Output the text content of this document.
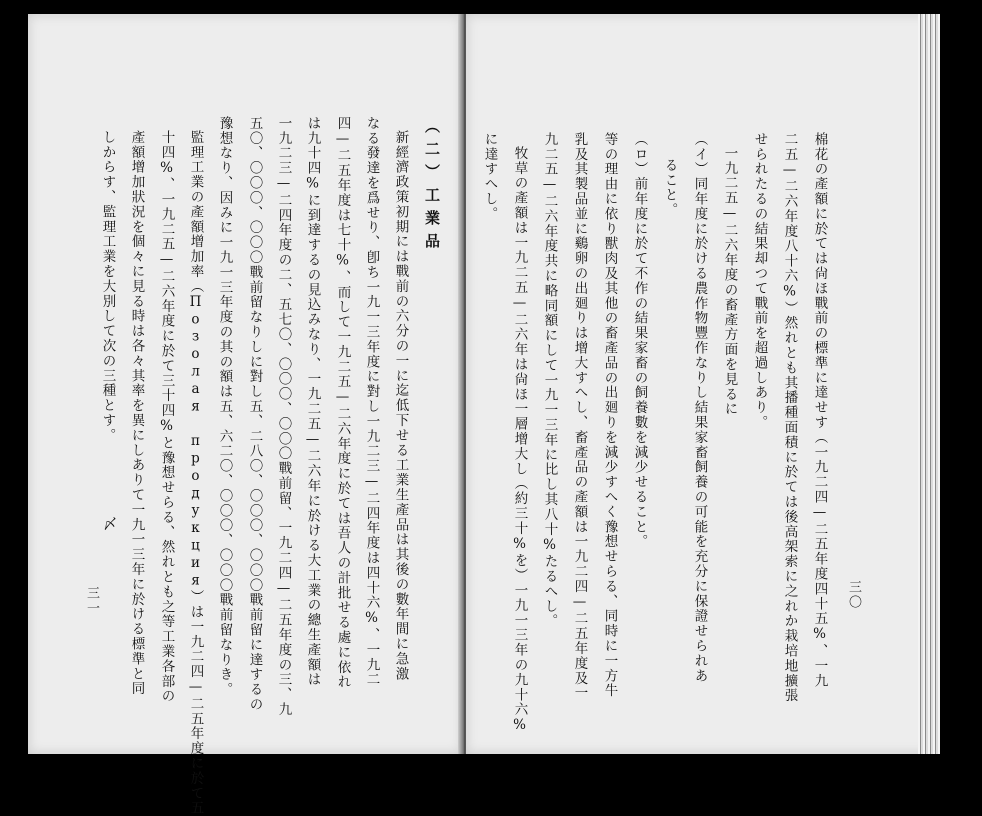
三一
〆
しからす、監理工業を大別して次の三種とす。 產額增加狀況を個々に見る時は各々其率を異にしありて一九一三年に於ける標準と同 十四%、一九二五—二六年度に於て三十四%と豫想せらる、然れとも之等工業各部の 監理工業の產額增加率（Позолая продукция）は一九二四—二五年度に於て五 豫想なり、因みに一九一三年度の其の額は五、六二〇、〇〇〇、〇〇〇戰前留なりき。 五〇、〇〇〇、〇〇〇戰前留なりしに對し五、二八〇、〇〇〇、〇〇〇戰前留に達するの 一九二三—二四年度の二、五七〇、〇〇〇、〇〇〇戰前留、一九二四—二五年度の三、九 は九十四%に到達するの見込みなり、一九二五—二六年に於ける大工業の總生產額は 四—二五年度は七十%、而して一九二五—二六年度に於ては吾人の計批せる處に依れ なる發達を爲せり、卽ち一九一三年度に對し一九二三—二四年度は四十六%、一九二 新經濟政策初期には戰前の六分の一に迄低下せる工業生產品は其後の數年間に急激 （二）工業品	に達すへし。 牧草の產額は一九二五—二六年は尙ほ一層增大し（約三十%を）一九一三年の九十六% 九二五—二六年度共に略同額にして一九一三年に比し其八十%たるへし。 乳及其製品並に鷄卵の出廻りは增大すへし、畜產品の產額は一九二四—二五年度及一 等の理由に依り獸肉及其他の畜產品の出廻りを減少すへく豫想せらる、同時に一方牛 （ロ）前年度に於て不作の結果家畜の飼養數を減少せること。 ること。 （イ）同年度に於ける農作物豐作なりし結果家畜飼養の可能を充分に保證せられあ 一九二五—二六年度の畜產方面を見るに せられたるの結果却つて戰前を超過しあり。 二五—二六年度八十六%）然れとも其播種面積に於ては後高架索に之れか栽培地擴張 棉花の產額に於ては尙ほ戰前の標準に達せす（一九二四—二五年度四十五%、一九 三〇
